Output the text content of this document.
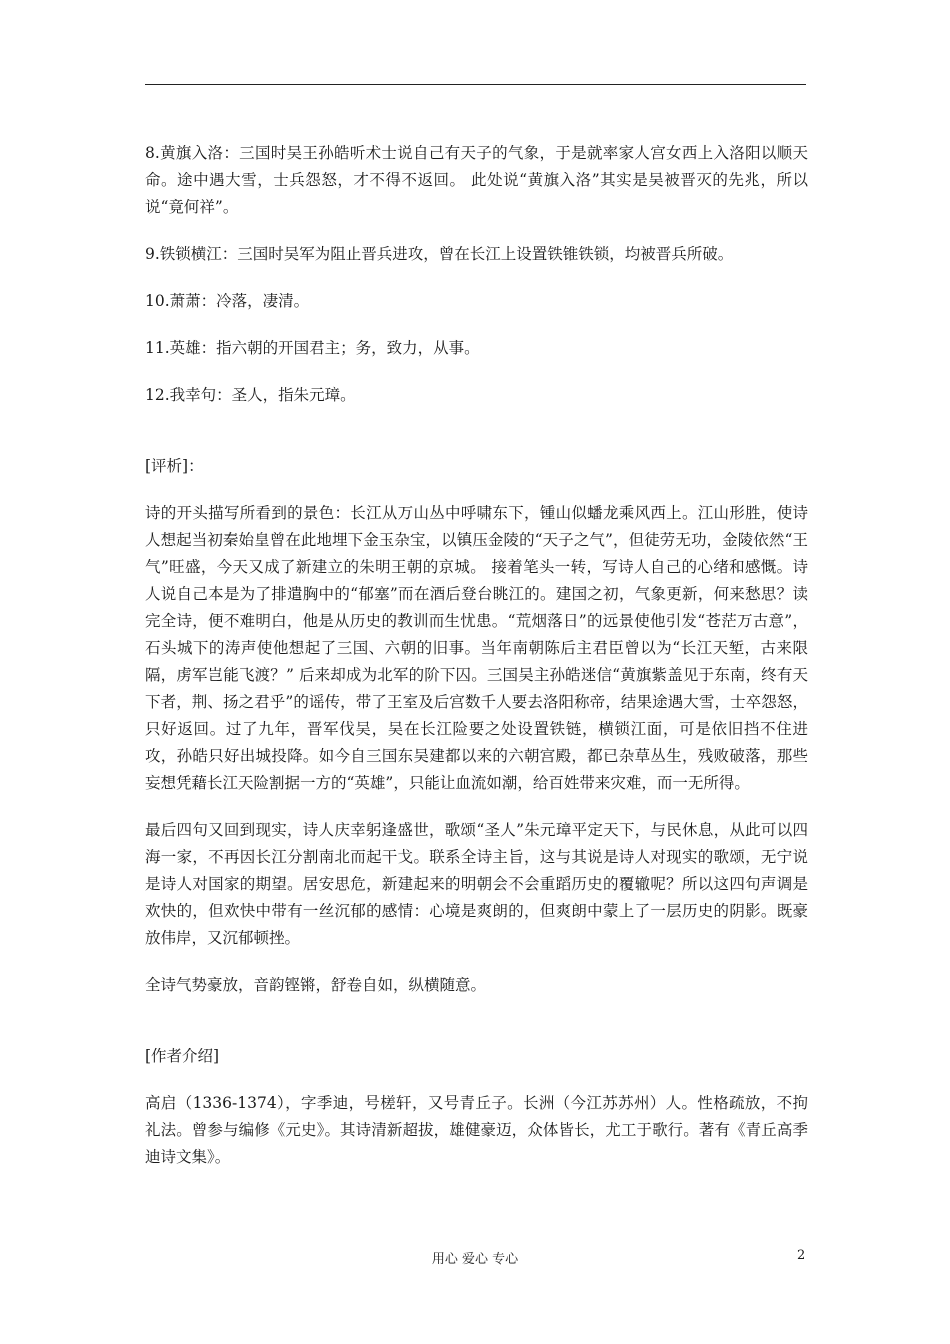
8.黄旗入洛：三国时吴王孙皓听术士说自己有天子的气象，于是就率家人宫女西上入洛阳以顺天命。途中遇大雪，士兵怨怒，才不得不返回。 此处说“黄旗入洛”其实是吴被晋灭的先兆，所以说“竟何祥”。

9.铁锁横江：三国时吴军为阻止晋兵进攻，曾在长江上设置铁锥铁锁，均被晋兵所破。

10.萧萧：冷落，凄清。

11.英雄：指六朝的开国君主；务，致力，从事。

12.我幸句：圣人，指朱元璋。

[评析]：

诗的开头描写所看到的景色：长江从万山丛中呼啸东下，锺山似蟠龙乘风西上。江山形胜，使诗人想起当初秦始皇曾在此地埋下金玉杂宝，以镇压金陵的“天子之气”，但徒劳无功，金陵依然“王气”旺盛，今天又成了新建立的朱明王朝的京城。 接着笔头一转，写诗人自己的心绪和感慨。诗人说自己本是为了排遣胸中的“郁塞”而在酒后登台眺江的。建国之初，气象更新，何来愁思？读完全诗，便不难明白，他是从历史的教训而生忧患。“荒烟落日”的远景使他引发“苍茫万古意”，石头城下的涛声使他想起了三国、六朝的旧事。当年南朝陈后主君臣曾以为“长江天堑，古来限隔，虏军岂能飞渡？” 后来却成为北军的阶下囚。三国吴主孙皓迷信“黄旗紫盖见于东南，终有天下者，荆、扬之君乎”的谣传，带了王室及后宫数千人要去洛阳称帝，结果途遇大雪，士卒怨怒，只好返回。过了九年，晋军伐吴，吴在长江险要之处设置铁链，横锁江面，可是依旧挡不住进攻，孙皓只好出城投降。如今自三国东吴建都以来的六朝宫殿，都已杂草丛生，残败破落，那些妄想凭藉长江天险割据一方的“英雄”，只能让血流如潮，给百姓带来灾难，而一无所得。

最后四句又回到现实，诗人庆幸躬逢盛世，歌颂“圣人”朱元璋平定天下，与民休息，从此可以四海一家，不再因长江分割南北而起干戈。联系全诗主旨，这与其说是诗人对现实的歌颂，无宁说是诗人对国家的期望。居安思危，新建起来的明朝会不会重蹈历史的覆辙呢？所以这四句声调是欢快的，但欢快中带有一丝沉郁的感情：心境是爽朗的，但爽朗中蒙上了一层历史的阴影。既豪放伟岸，又沉郁顿挫。

全诗气势豪放，音韵铿锵，舒卷自如，纵横随意。

[作者介绍]

高启（1336-1374），字季迪，号槎轩，又号青丘子。长洲（今江苏苏州）人。性格疏放，不拘礼法。曾参与编修《元史》。其诗清新超拔，雄健豪迈，众体皆长，尤工于歌行。著有《青丘高季迪诗文集》。

用心 爱心 专心	2
